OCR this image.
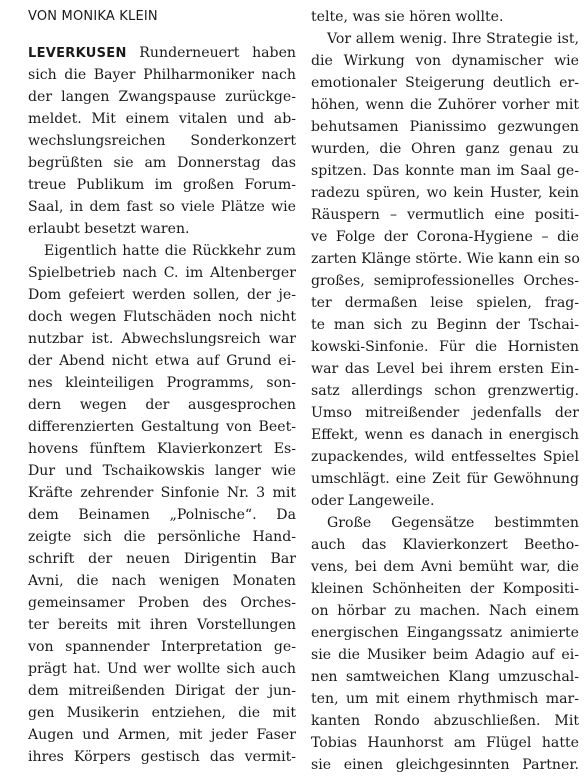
VON MONIKA KLEIN
LEVERKUSEN Runderneuert haben
sich die Bayer Philharmoniker nach
der langen Zwangspause zurückge-
meldet. Mit einem vitalen und ab-
wechslungsreichen Sonderkonzert
begrüßten sie am Donnerstag das
treue Publikum im großen Forum-
Saal, in dem fast so viele Plätze wie
erlaubt besetzt waren.
Eigentlich hatte die Rückkehr zum
Spielbetrieb nach C. im Altenberger
Dom gefeiert werden sollen, der je-
doch wegen Flutschäden noch nicht
nutzbar ist. Abwechslungsreich war
der Abend nicht etwa auf Grund ei-
nes kleinteiligen Programms, son-
dern wegen der ausgesprochen
differenzierten Gestaltung von Beet-
hovens fünftem Klavierkonzert Es-
Dur und Tschaikowskis langer wie
Kräfte zehrender Sinfonie Nr. 3 mit
dem Beinamen „Polnische“. Da
zeigte sich die persönliche Hand-
schrift der neuen Dirigentin Bar
Avni, die nach wenigen Monaten
gemeinsamer Proben des Orches-
ter bereits mit ihren Vorstellungen
von spannender Interpretation ge-
prägt hat. Und wer wollte sich auch
dem mitreißenden Dirigat der jun-
gen Musikerin entziehen, die mit
Augen und Armen, mit jeder Faser
ihres Körpers gestisch das vermit-
telte, was sie hören wollte.
Vor allem wenig. Ihre Strategie ist,
die Wirkung von dynamischer wie
emotionaler Steigerung deutlich er-
höhen, wenn die Zuhörer vorher mit
behutsamen Pianissimo gezwungen
wurden, die Ohren ganz genau zu
spitzen. Das konnte man im Saal ge-
radezu spüren, wo kein Huster, kein
Räuspern – vermutlich eine positi-
ve Folge der Corona-Hygiene – die
zarten Klänge störte. Wie kann ein so
großes, semiprofessionelles Orches-
ter dermaßen leise spielen, frag-
te man sich zu Beginn der Tschai-
kowski-Sinfonie. Für die Hornisten
war das Level bei ihrem ersten Ein-
satz allerdings schon grenzwertig.
Umso mitreißender jedenfalls der
Effekt, wenn es danach in energisch
zupackendes, wild entfesseltes Spiel
umschlägt. eine Zeit für Gewöhnung
oder Langeweile.
Große Gegensätze bestimmten
auch das Klavierkonzert Beetho-
vens, bei dem Avni bemüht war, die
kleinen Schönheiten der Kompositi-
on hörbar zu machen. Nach einem
energischen Eingangssatz animierte
sie die Musiker beim Adagio auf ei-
nen samtweichen Klang umzuschal-
ten, um mit einem rhythmisch mar-
kanten Rondo abzuschließen. Mit
Tobias Haunhorst am Flügel hatte
sie einen gleichgesinnten Partner.
